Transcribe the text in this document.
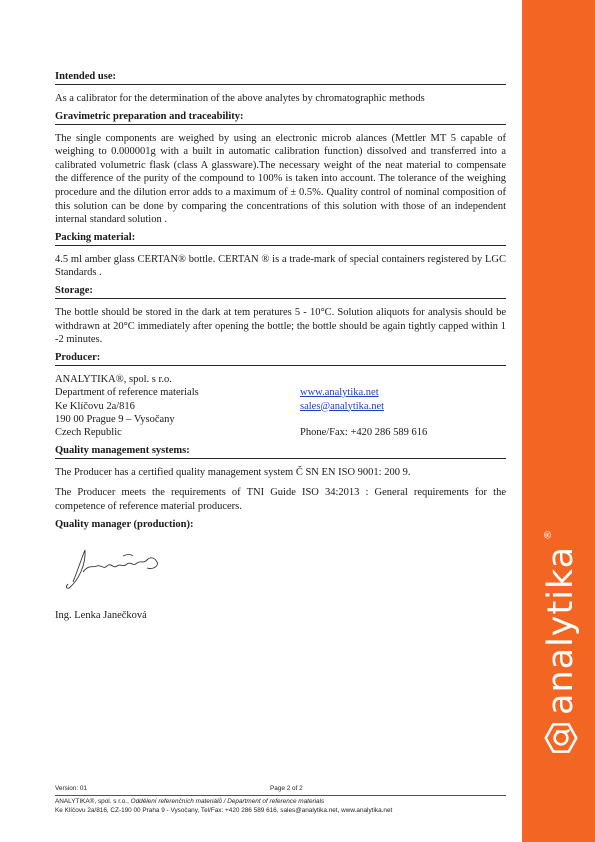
Intended use:

As a calibrator for the determination of the above analytes by chromatographic methods

Gravimetric preparation and traceability:

The single components are weighed by using an electronic microb alances (Mettler MT 5 capable of weighing to 0.000001g with a built in automatic calibration function) dissolved and transferred into a calibrated volumetric flask (class A glassware).The necessary weight of the neat material to compensate the difference of the purity of the compound to 100% is taken into account. The tolerance of the weighing procedure and the dilution error adds to a maximum of ± 0.5%. Quality control of nominal composition of this solution can be done by comparing the concentrations of this solution with those of an independent internal standard solution .

Packing material:

4.5 ml amber glass CERTAN® bottle. CERTAN ® is a trade-mark of special containers registered by LGC Standards .

Storage:

The bottle should be stored in the dark at tem peratures 5 - 10°C. Solution aliquots for analysis should be withdrawn at 20°C immediately after opening the bottle; the bottle should be again tightly capped within 1 -2 minutes.

Producer:
ANALYTIKA®, spol. s r.o.
Department of reference materials	www.analytika.net
Ke Klíčovu 2a/816	sales@analytika.net
190 00 Prague 9 – Vysočany
Czech Republic	Phone/Fax: +420 286 589 616
Quality management systems:

The Producer has a certified quality management system Č SN EN ISO 9001: 200 9.

The Producer meets the requirements of TNI Guide ISO 34:2013 : General requirements for the competence of reference material producers.

Quality manager (production):
Ing. Lenka Janečková
Version: 01	Page 2 of 2
ANALYTIKA®, spol. s r.o., Oddělení referenčních materiálů / Department of reference materials
Ke Klíčovu 2a/816, CZ-190 00 Praha 9 - Vysočany, Tel/Fax: +420 286 589 616, sales@analytika.net, www.analytika.net
analytika
®
